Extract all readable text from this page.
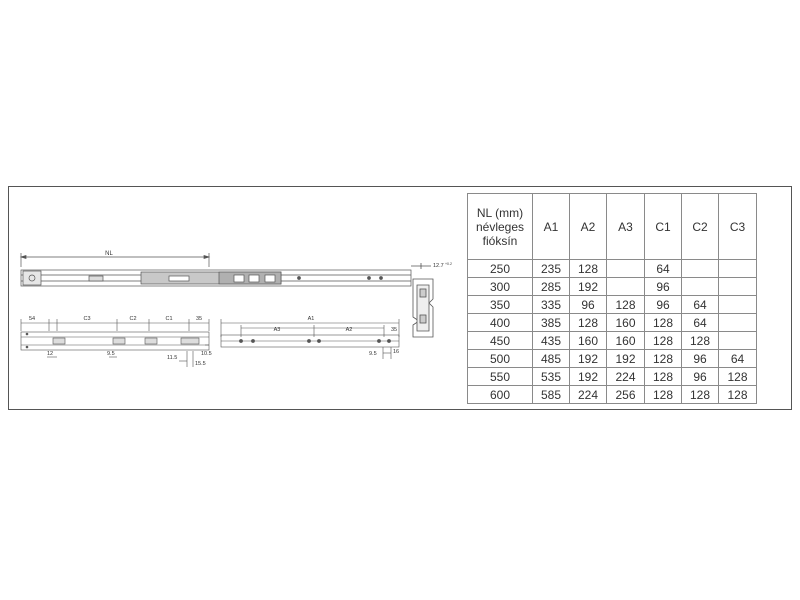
NL
12.7 +0.2
54	C3	C2	C1	35
12	9.5
11.5
15.5
10.5
A1
A3	A2	35
9.5	16
NL (mm)
névleges
fióksín	A1	A2	A3	C1	C2	C3
250	235	128		64		
300	285	192		96		
350	335	96	128	96	64	
400	385	128	160	128	64	
450	435	160	160	128	128	
500	485	192	192	128	96	64
550	535	192	224	128	96	128
600	585	224	256	128	128	128
